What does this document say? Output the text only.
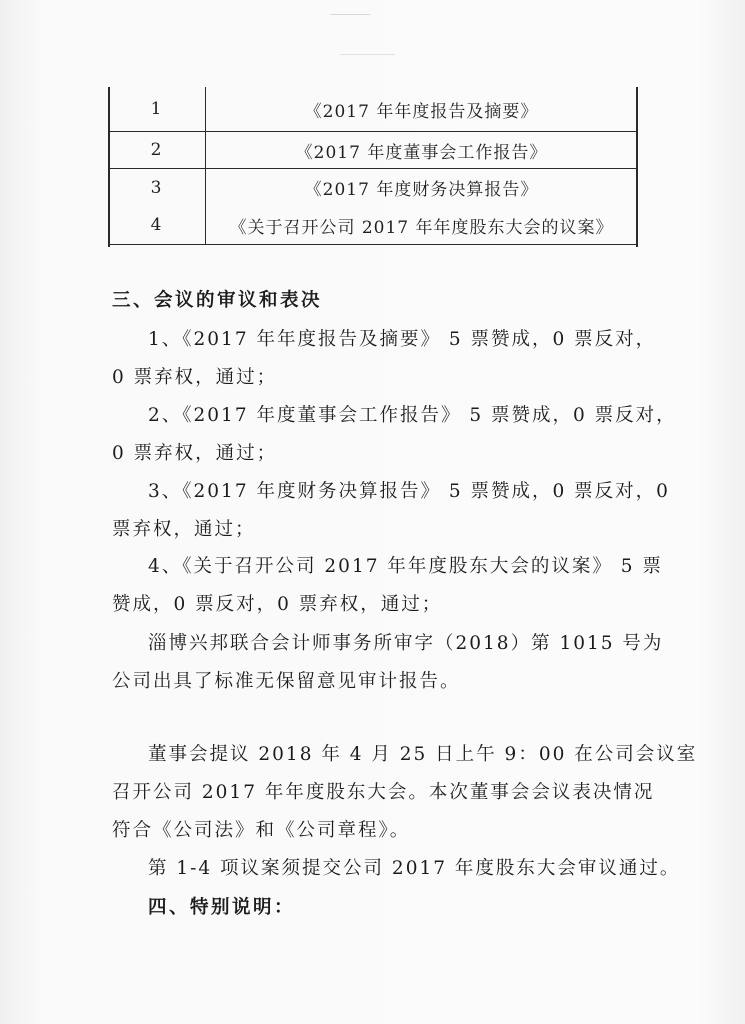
1	《2017 年年度报告及摘要》
2	《2017 年度董事会工作报告》
3	《2017 年度财务决算报告》
4	《关于召开公司 2017 年年度股东大会的议案》
三、会议的审议和表决
1、《2017 年年度报告及摘要》 5 票赞成，0 票反对，
0 票弃权，通过；
2、《2017 年度董事会工作报告》 5 票赞成，0 票反对，
0 票弃权，通过；
3、《2017 年度财务决算报告》 5 票赞成，0 票反对，0
票弃权，通过；
4、《关于召开公司 2017 年年度股东大会的议案》 5 票
赞成，0 票反对，0 票弃权，通过；
淄博兴邦联合会计师事务所审字（2018）第 1015 号为
公司出具了标准无保留意见审计报告。
董事会提议 2018 年 4 月 25 日上午 9：00 在公司会议室
召开公司 2017 年年度股东大会。本次董事会会议表决情况
符合《公司法》和《公司章程》。
第 1-4 项议案须提交公司 2017 年度股东大会审议通过。
四、特别说明：
